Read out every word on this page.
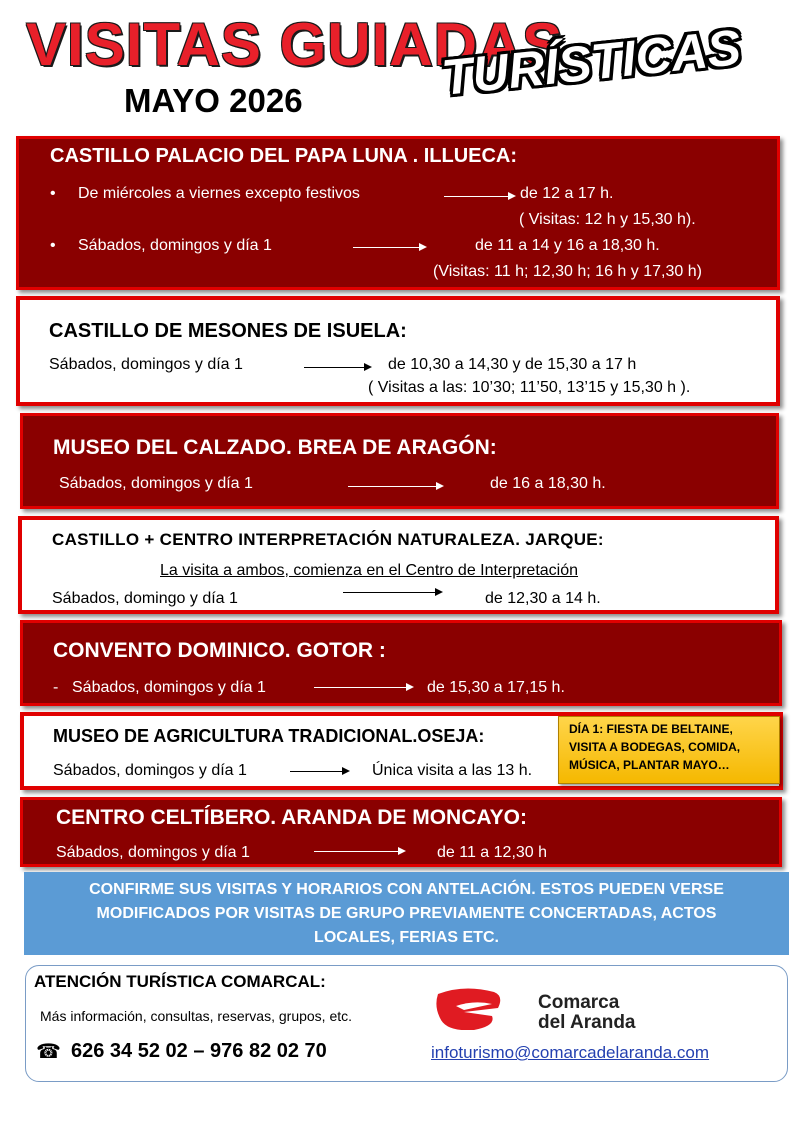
VISITAS GUIADAS
TURÍSTICAS
MAYO 2026
CASTILLO PALACIO DEL PAPA LUNA . ILLUECA:
• De miércoles a viernes excepto festivos	de 12 a 17 h.
( Visitas: 12 h y 15,30 h).
• Sábados, domingos y día 1	de 11 a 14 y 16 a 18,30 h.
(Visitas: 11 h; 12,30 h; 16 h y 17,30 h)
CASTILLO DE MESONES DE ISUELA:
Sábados, domingos y día 1	de 10,30 a 14,30 y de 15,30 a 17 h
( Visitas a las: 10’30; 11’50, 13’15 y 15,30 h ).
MUSEO DEL CALZADO. BREA DE ARAGÓN:
Sábados, domingos y día 1	de 16 a 18,30 h.
CASTILLO + CENTRO INTERPRETACIÓN NATURALEZA. JARQUE:
La visita a ambos, comienza en el Centro de Interpretación
Sábados, domingo y día 1	de 12,30 a 14 h.
CONVENTO DOMINICO. GOTOR :
- Sábados, domingos y día 1	de 15,30 a 17,15 h.
MUSEO DE AGRICULTURA TRADICIONAL.OSEJA:
Sábados, domingos y día 1	Única visita a las 13 h.
DÍA 1: FIESTA DE BELTAINE,
VISITA A BODEGAS, COMIDA,
MÚSICA, PLANTAR MAYO…
CENTRO CELTÍBERO. ARANDA DE MONCAYO:
Sábados, domingos y día 1	de 11 a 12,30 h
CONFIRME SUS VISITAS Y HORARIOS CON ANTELACIÓN. ESTOS PUEDEN VERSE
MODIFICADOS POR VISITAS DE GRUPO PREVIAMENTE CONCERTADAS, ACTOS
LOCALES, FERIAS ETC.
ATENCIÓN TURÍSTICA COMARCAL:
Más información, consultas, reservas, grupos, etc.
☎ 626 34 52 02 – 976 82 02 70
Comarca
del Aranda
infoturismo@comarcadelaranda.com
